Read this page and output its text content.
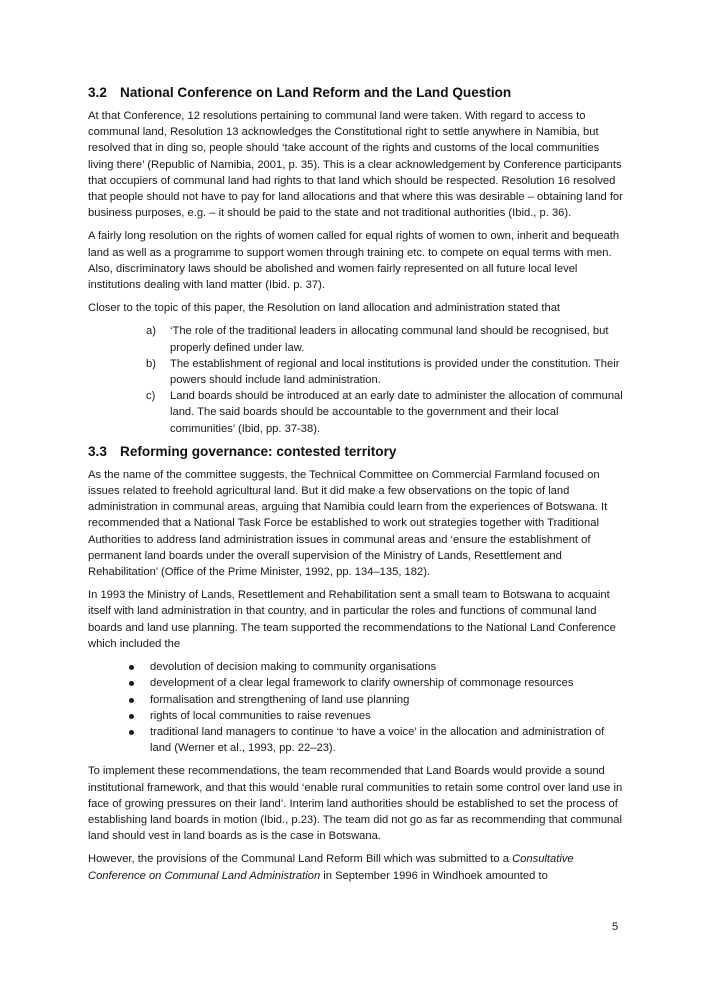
3.2 National Conference on Land Reform and the Land Question

At that Conference, 12 resolutions pertaining to communal land were taken. With regard to access to communal land, Resolution 13 acknowledges the Constitutional right to settle anywhere in Namibia, but resolved that in ding so, people should ‘take account of the rights and customs of the local communities living there’ (Republic of Namibia, 2001, p. 35). This is a clear acknowledgement by Conference participants that occupiers of communal land had rights to that land which should be respected. Resolution 16 resolved that people should not have to pay for land allocations and that where this was desirable – obtaining land for business purposes, e.g. – it should be paid to the state and not traditional authorities (Ibid., p. 36).

A fairly long resolution on the rights of women called for equal rights of women to own, inherit and bequeath land as well as a programme to support women through training etc. to compete on equal terms with men. Also, discriminatory laws should be abolished and women fairly represented on all future local level institutions dealing with land matter (Ibid. p. 37).

Closer to the topic of this paper, the Resolution on land allocation and administration stated that

a) ‘The role of the traditional leaders in allocating communal land should be recognised, but properly defined under law.
b) The establishment of regional and local institutions is provided under the constitution. Their powers should include land administration.
c) Land boards should be introduced at an early date to administer the allocation of communal land. The said boards should be accountable to the government and their local communities’ (Ibid, pp. 37-38).
3.3 Reforming governance: contested territory

As the name of the committee suggests, the Technical Committee on Commercial Farmland focused on issues related to freehold agricultural land. But it did make a few observations on the topic of land administration in communal areas, arguing that Namibia could learn from the experiences of Botswana. It recommended that a National Task Force be established to work out strategies together with Traditional Authorities to address land administration issues in communal areas and ‘ensure the establishment of permanent land boards under the overall supervision of the Ministry of Lands, Resettlement and Rehabilitation’ (Office of the Prime Minister, 1992, pp. 134–135, 182).

In 1993 the Ministry of Lands, Resettlement and Rehabilitation sent a small team to Botswana to acquaint itself with land administration in that country, and in particular the roles and functions of communal land boards and land use planning. The team supported the recommendations to the National Land Conference which included the

devolution of decision making to community organisations
development of a clear legal framework to clarify ownership of commonage resources
formalisation and strengthening of land use planning
rights of local communities to raise revenues
traditional land managers to continue ‘to have a voice’ in the allocation and administration of land (Werner et al., 1993, pp. 22–23).

To implement these recommendations, the team recommended that Land Boards would provide a sound institutional framework, and that this would ‘enable rural communities to retain some control over land use in face of growing pressures on their land’. Interim land authorities should be established to set the process of establishing land boards in motion (Ibid., p.23). The team did not go as far as recommending that communal land should vest in land boards as is the case in Botswana.

However, the provisions of the Communal Land Reform Bill which was submitted to a Consultative Conference on Communal Land Administration in September 1996 in Windhoek amounted to

5
